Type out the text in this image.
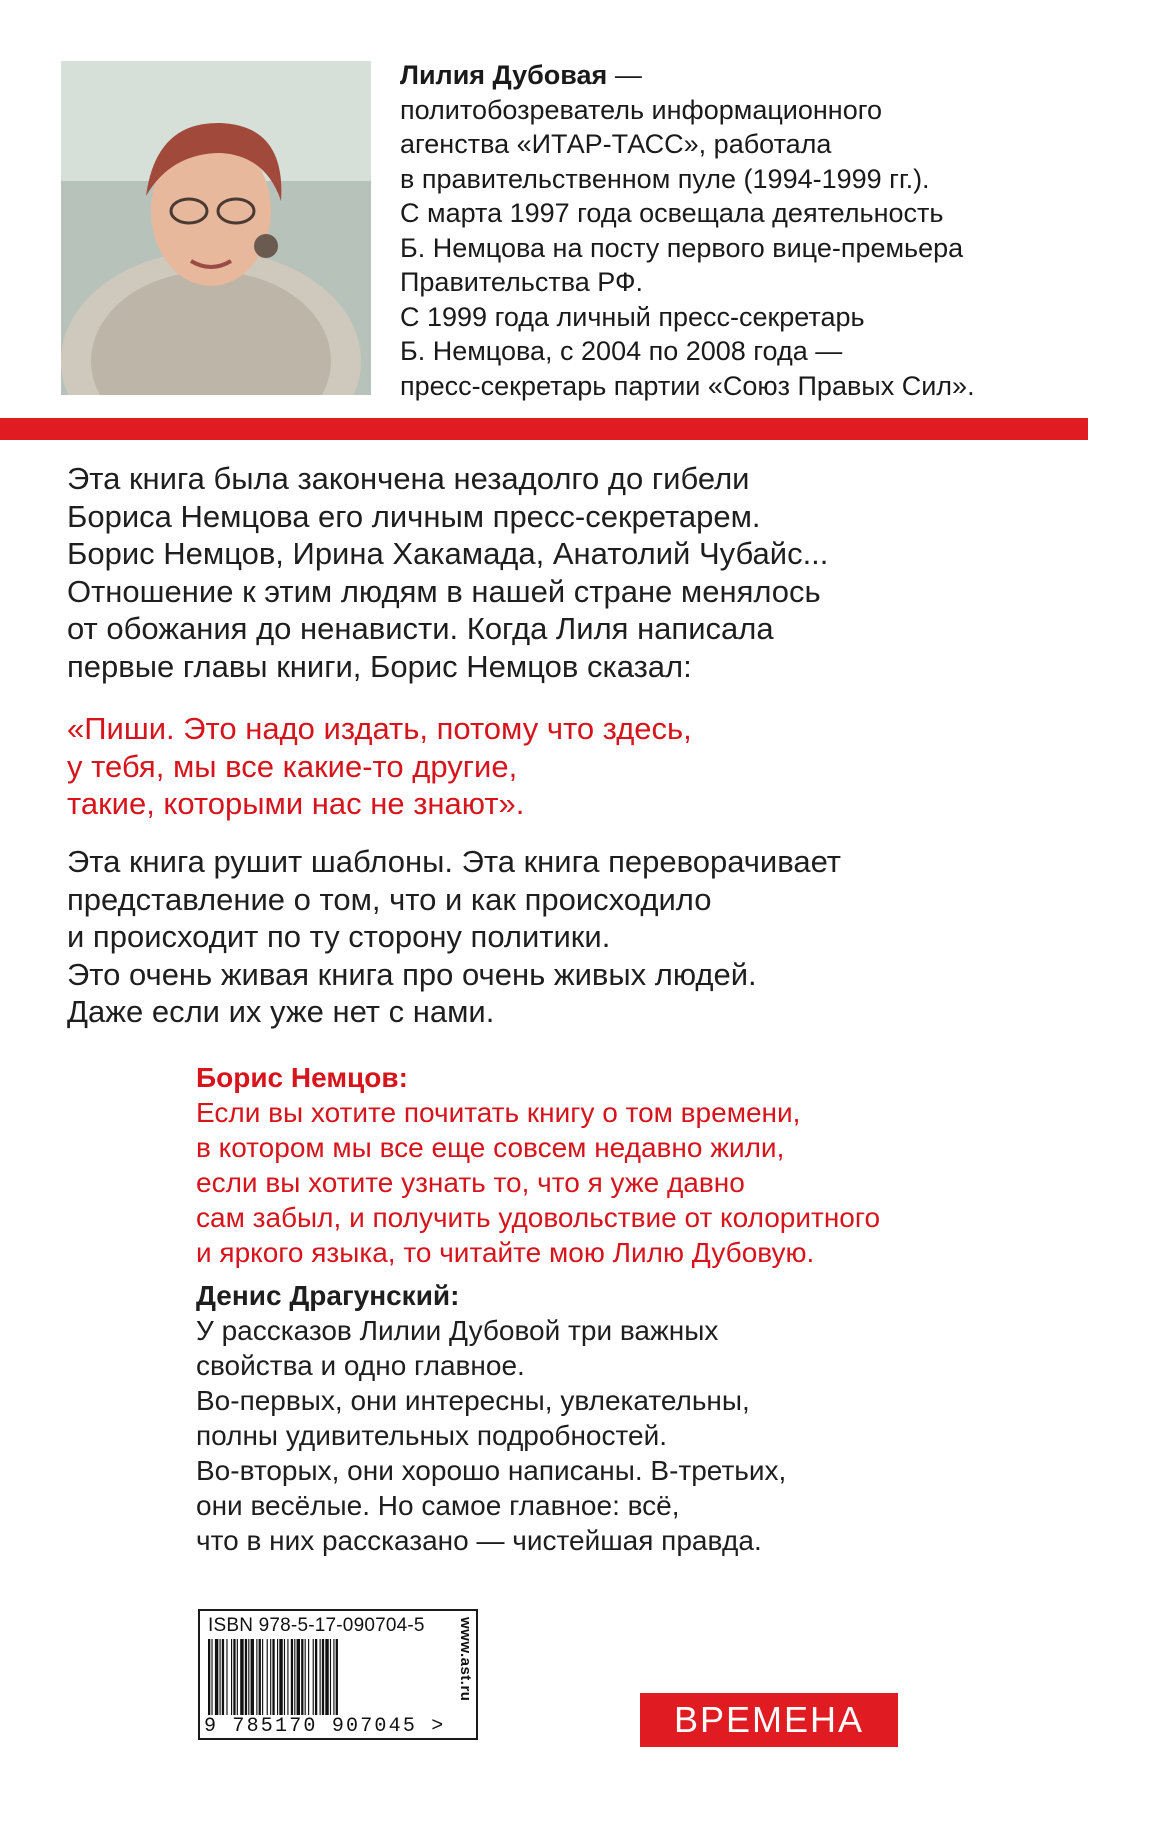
Лилия Дубовая —
политобозреватель информационного
агенства «ИТАР-ТАСС», работала
в правительственном пуле (1994-1999 гг.).
С марта 1997 года освещала деятельность
Б. Немцова на посту первого вице-премьера
Правительства РФ.
С 1999 года личный пресс-секретарь
Б. Немцова, с 2004 по 2008 года —
пресс-секретарь партии «Союз Правых Сил».
Эта книга была закончена незадолго до гибели
Бориса Немцова его личным пресс-секретарем.
Борис Немцов, Ирина Хакамада, Анатолий Чубайс...
Отношение к этим людям в нашей стране менялось
от обожания до ненависти. Когда Лиля написала
первые главы книги, Борис Немцов сказал:
«Пиши. Это надо издать, потому что здесь,
у тебя, мы все какие-то другие,
такие, которыми нас не знают».
Эта книга рушит шаблоны. Эта книга переворачивает
представление о том, что и как происходило
и происходит по ту сторону политики.
Это очень живая книга про очень живых людей.
Даже если их уже нет с нами.
Борис Немцов:
Если вы хотите почитать книгу о том времени,
в котором мы все еще совсем недавно жили,
если вы хотите узнать то, что я уже давно
сам забыл, и получить удовольствие от колоритного
и яркого языка, то читайте мою Лилю Дубовую.
Денис Драгунский:
У рассказов Лилии Дубовой три важных
свойства и одно главное.
Во-первых, они интересны, увлекательны,
полны удивительных подробностей.
Во-вторых, они хорошо написаны. В-третьих,
они весёлые. Но самое главное: всё,
что в них рассказано — чистейшая правда.
ISBN 978-5-17-090704-5
9 785170 907045 >
www.ast.ru
ВРЕМЕНА
